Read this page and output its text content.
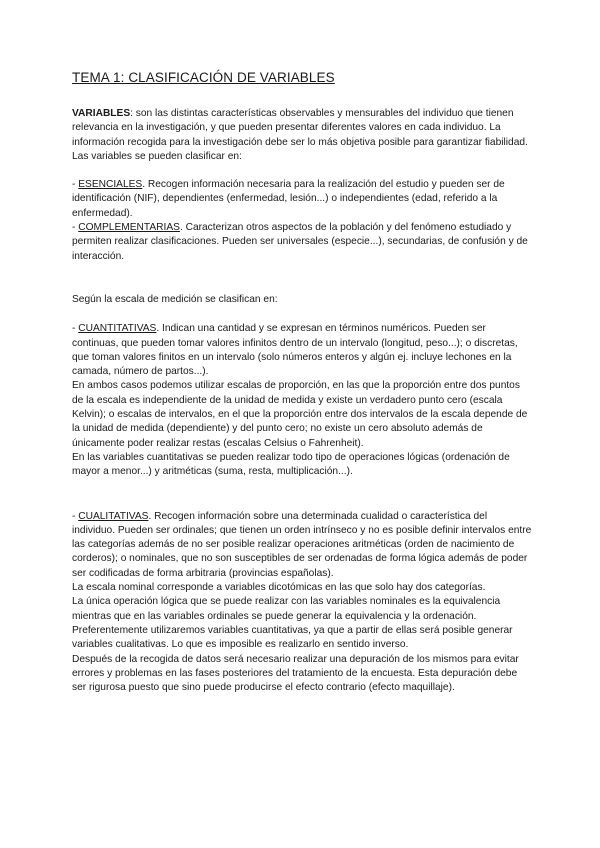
TEMA 1: CLASIFICACIÓN DE VARIABLES

VARIABLES: son las distintas características observables y mensurables del individuo que tienen relevancia en la investigación, y que pueden presentar diferentes valores en cada individuo. La información recogida para la investigación debe ser lo más objetiva posible para garantizar fiabilidad.

Las variables se pueden clasificar en:

- ESENCIALES. Recogen información necesaria para la realización del estudio y pueden ser de identificación (NIF), dependientes (enfermedad, lesión...) o independientes (edad, referido a la enfermedad).

- COMPLEMENTARIAS. Caracterizan otros aspectos de la población y del fenómeno estudiado y permiten realizar clasificaciones. Pueden ser universales (especie...), secundarias, de confusión y de interacción.

Según la escala de medición se clasifican en:

- CUANTITATIVAS. Indican una cantidad y se expresan en términos numéricos. Pueden ser continuas, que pueden tomar valores infinitos dentro de un intervalo (longitud, peso...); o discretas, que toman valores finitos en un intervalo (solo números enteros y algún ej. incluye lechones en la camada, número de partos...).

En ambos casos podemos utilizar escalas de proporción, en las que la proporción entre dos puntos de la escala es independiente de la unidad de medida y existe un verdadero punto cero (escala Kelvin); o escalas de intervalos, en el que la proporción entre dos intervalos de la escala depende de la unidad de medida (dependiente) y del punto cero; no existe un cero absoluto además de únicamente poder realizar restas (escalas Celsius o Fahrenheit).

En las variables cuantitativas se pueden realizar todo tipo de operaciones lógicas (ordenación de mayor a menor...) y aritméticas (suma, resta, multiplicación...).

- CUALITATIVAS. Recogen información sobre una determinada cualidad o característica del individuo. Pueden ser ordinales; que tienen un orden intrínseco y no es posible definir intervalos entre las categorías además de no ser posible realizar operaciones aritméticas (orden de nacimiento de corderos); o nominales, que no son susceptibles de ser ordenadas de forma lógica además de poder ser codificadas de forma arbitraria (provincias españolas).

La escala nominal corresponde a variables dicotómicas en las que solo hay dos categorías.

La única operación lógica que se puede realizar con las variables nominales es la equivalencia mientras que en las variables ordinales se puede generar la equivalencia y la ordenación.

Preferentemente utilizaremos variables cuantitativas, ya que a partir de ellas será posible generar variables cualitativas. Lo que es imposible es realizarlo en sentido inverso.

Después de la recogida de datos será necesario realizar una depuración de los mismos para evitar errores y problemas en las fases posteriores del tratamiento de la encuesta. Esta depuración debe ser rigurosa puesto que sino puede producirse el efecto contrario (efecto maquillaje).
